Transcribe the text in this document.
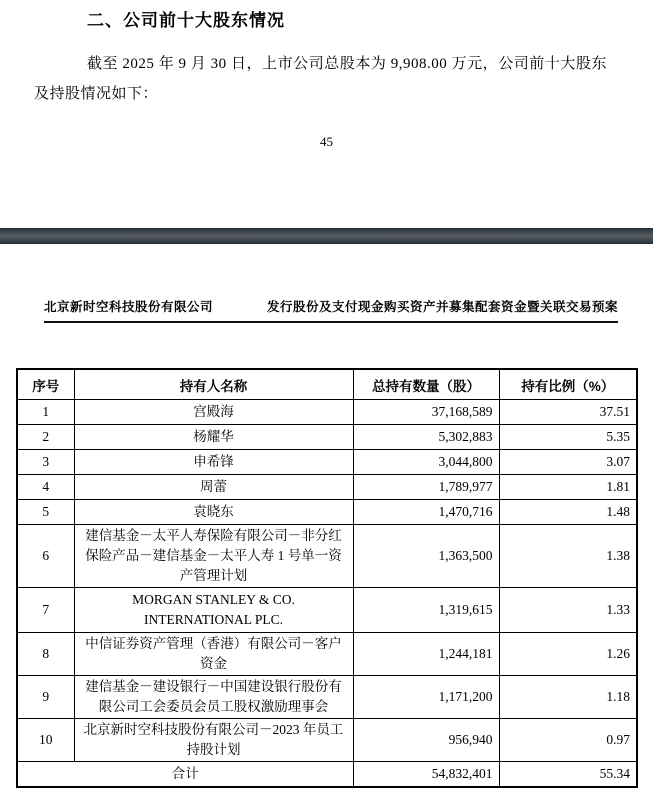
二、公司前十大股东情况
截至 2025 年 9 月 30 日，上市公司总股本为 9,908.00 万元，公司前十大股东及持股情况如下：
45
北京新时空科技股份有限公司	发行股份及支付现金购买资产并募集配套资金暨关联交易预案
序号	持有人名称	总持有数量（股）	持有比例（%）
1	宫殿海	37,168,589	37.51
2	杨耀华	5,302,883	5.35
3	申希锋	3,044,800	3.07
4	周蕾	1,789,977	1.81
5	袁晓东	1,470,716	1.48
6	建信基金－太平人寿保险有限公司－非分红保险产品－建信基金－太平人寿 1 号单一资产管理计划	1,363,500	1.38
7	MORGAN STANLEY & CO. INTERNATIONAL PLC.	1,319,615	1.33
8	中信证券资产管理（香港）有限公司－客户资金	1,244,181	1.26
9	建信基金－建设银行－中国建设银行股份有限公司工会委员会员工股权激励理事会	1,171,200	1.18
10	北京新时空科技股份有限公司－2023 年员工持股计划	956,940	0.97
合计		54,832,401	55.34
